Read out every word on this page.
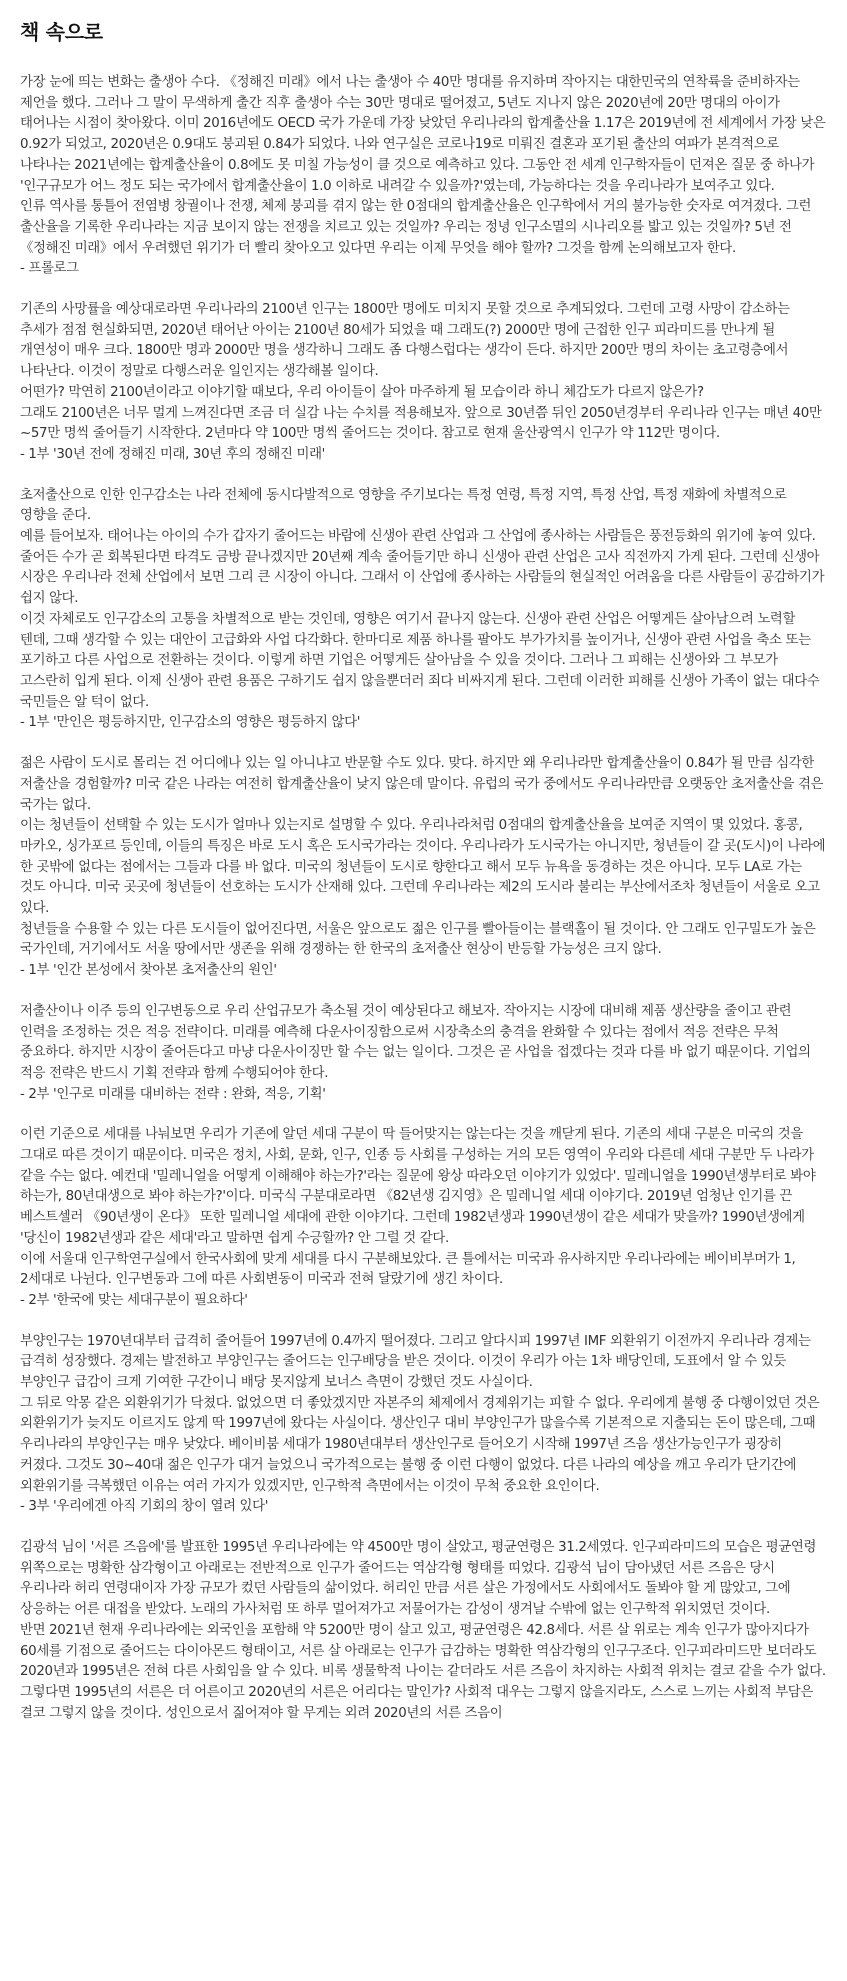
책 속으로

가장 눈에 띄는 변화는 출생아 수다. 《정해진 미래》에서 나는 출생아 수 40만 명대를 유지하며 작아지는 대한민국의 연착륙을 준비하자는 제언을 했다. 그러나 그 말이 무색하게 출간 직후 출생아 수는 30만 명대로 떨어졌고, 5년도 지나지 않은 2020년에 20만 명대의 아이가 태어나는 시점이 찾아왔다. 이미 2016년에도 OECD 국가 가운데 가장 낮았던 우리나라의 합계출산율 1.17은 2019년에 전 세계에서 가장 낮은 0.92가 되었고, 2020년은 0.9대도 붕괴된 0.84가 되었다. 나와 연구실은 코로나19로 미뤄진 결혼과 포기된 출산의 여파가 본격적으로 나타나는 2021년에는 합계출산율이 0.8에도 못 미칠 가능성이 클 것으로 예측하고 있다. 그동안 전 세계 인구학자들이 던져온 질문 중 하나가 '인구규모가 어느 정도 되는 국가에서 합계출산율이 1.0 이하로 내려갈 수 있을까?'였는데, 가능하다는 것을 우리나라가 보여주고 있다.

인류 역사를 통틀어 전염병 창궐이나 전쟁, 체제 붕괴를 겪지 않는 한 0점대의 합계출산율은 인구학에서 거의 불가능한 숫자로 여겨졌다. 그런 출산율을 기록한 우리나라는 지금 보이지 않는 전쟁을 치르고 있는 것일까? 우리는 정녕 인구소멸의 시나리오를 밟고 있는 것일까? 5년 전 《정해진 미래》에서 우려했던 위기가 더 빨리 찾아오고 있다면 우리는 이제 무엇을 해야 할까? 그것을 함께 논의해보고자 한다.

- 프롤로그

기존의 사망률을 예상대로라면 우리나라의 2100년 인구는 1800만 명에도 미치지 못할 것으로 추계되었다. 그런데 고령 사망이 감소하는 추세가 점점 현실화되면, 2020년 태어난 아이는 2100년 80세가 되었을 때 그래도(?) 2000만 명에 근접한 인구 피라미드를 만나게 될 개연성이 매우 크다. 1800만 명과 2000만 명을 생각하니 그래도 좀 다행스럽다는 생각이 든다. 하지만 200만 명의 차이는 초고령층에서 나타난다. 이것이 정말로 다행스러운 일인지는 생각해볼 일이다.

어떤가? 막연히 2100년이라고 이야기할 때보다, 우리 아이들이 살아 마주하게 될 모습이라 하니 체감도가 다르지 않은가?

그래도 2100년은 너무 멀게 느껴진다면 조금 더 실감 나는 수치를 적용해보자. 앞으로 30년쯤 뒤인 2050년경부터 우리나라 인구는 매년 40만~57만 명씩 줄어들기 시작한다. 2년마다 약 100만 명씩 줄어드는 것이다. 참고로 현재 울산광역시 인구가 약 112만 명이다.

- 1부 '30년 전에 정해진 미래, 30년 후의 정해진 미래'

초저출산으로 인한 인구감소는 나라 전체에 동시다발적으로 영향을 주기보다는 특정 연령, 특정 지역, 특정 산업, 특정 재화에 차별적으로 영향을 준다.

예를 들어보자. 태어나는 아이의 수가 갑자기 줄어드는 바람에 신생아 관련 산업과 그 산업에 종사하는 사람들은 풍전등화의 위기에 놓여 있다. 줄어든 수가 곧 회복된다면 타격도 금방 끝나겠지만 20년째 계속 줄어들기만 하니 신생아 관련 산업은 고사 직전까지 가게 된다. 그런데 신생아 시장은 우리나라 전체 산업에서 보면 그리 큰 시장이 아니다. 그래서 이 산업에 종사하는 사람들의 현실적인 어려움을 다른 사람들이 공감하기가 쉽지 않다.

이것 자체로도 인구감소의 고통을 차별적으로 받는 것인데, 영향은 여기서 끝나지 않는다. 신생아 관련 산업은 어떻게든 살아남으려 노력할 텐데, 그때 생각할 수 있는 대안이 고급화와 사업 다각화다. 한마디로 제품 하나를 팔아도 부가가치를 높이거나, 신생아 관련 사업을 축소 또는 포기하고 다른 사업으로 전환하는 것이다. 이렇게 하면 기업은 어떻게든 살아남을 수 있을 것이다. 그러나 그 피해는 신생아와 그 부모가 고스란히 입게 된다. 이제 신생아 관련 용품은 구하기도 쉽지 않을뿐더러 죄다 비싸지게 된다. 그런데 이러한 피해를 신생아 가족이 없는 대다수 국민들은 알 턱이 없다.

- 1부 '만인은 평등하지만, 인구감소의 영향은 평등하지 않다'

젊은 사람이 도시로 몰리는 건 어디에나 있는 일 아니냐고 반문할 수도 있다. 맞다. 하지만 왜 우리나라만 합계출산율이 0.84가 될 만큼 심각한 저출산을 경험할까? 미국 같은 나라는 여전히 합계출산율이 낮지 않은데 말이다. 유럽의 국가 중에서도 우리나라만큼 오랫동안 초저출산을 겪은 국가는 없다.

이는 청년들이 선택할 수 있는 도시가 얼마나 있는지로 설명할 수 있다. 우리나라처럼 0점대의 합계출산율을 보여준 지역이 몇 있었다. 홍콩, 마카오, 싱가포르 등인데, 이들의 특징은 바로 도시 혹은 도시국가라는 것이다. 우리나라가 도시국가는 아니지만, 청년들이 갈 곳(도시)이 나라에 한 곳밖에 없다는 점에서는 그들과 다를 바 없다. 미국의 청년들이 도시로 향한다고 해서 모두 뉴욕을 동경하는 것은 아니다. 모두 LA로 가는 것도 아니다. 미국 곳곳에 청년들이 선호하는 도시가 산재해 있다. 그런데 우리나라는 제2의 도시라 불리는 부산에서조차 청년들이 서울로 오고 있다.

청년들을 수용할 수 있는 다른 도시들이 없어진다면, 서울은 앞으로도 젊은 인구를 빨아들이는 블랙홀이 될 것이다. 안 그래도 인구밀도가 높은 국가인데, 거기에서도 서울 땅에서만 생존을 위해 경쟁하는 한 한국의 초저출산 현상이 반등할 가능성은 크지 않다.

- 1부 '인간 본성에서 찾아본 초저출산의 원인'

저출산이나 이주 등의 인구변동으로 우리 산업규모가 축소될 것이 예상된다고 해보자. 작아지는 시장에 대비해 제품 생산량을 줄이고 관련 인력을 조정하는 것은 적응 전략이다. 미래를 예측해 다운사이징함으로써 시장축소의 충격을 완화할 수 있다는 점에서 적응 전략은 무척 중요하다. 하지만 시장이 줄어든다고 마냥 다운사이징만 할 수는 없는 일이다. 그것은 곧 사업을 접겠다는 것과 다를 바 없기 때문이다. 기업의 적응 전략은 반드시 기획 전략과 함께 수행되어야 한다.

- 2부 '인구로 미래를 대비하는 전략 : 완화, 적응, 기획'

이런 기준으로 세대를 나눠보면 우리가 기존에 알던 세대 구분이 딱 들어맞지는 않는다는 것을 깨닫게 된다. 기존의 세대 구분은 미국의 것을 그대로 따른 것이기 때문이다. 미국은 정치, 사회, 문화, 인구, 인종 등 사회를 구성하는 거의 모든 영역이 우리와 다른데 세대 구분만 두 나라가 같을 수는 없다. 예컨대 '밀레니얼을 어떻게 이해해야 하는가?'라는 질문에 왕상 따라오던 이야기가 있었다'. 밀레니얼을 1990년생부터로 봐야 하는가, 80년대생으로 봐야 하는가?'이다. 미국식 구분대로라면 《82년생 김지영》은 밀레니얼 세대 이야기다. 2019년 엄청난 인기를 끈 베스트셀러 《90년생이 온다》 또한 밀레니얼 세대에 관한 이야기다. 그런데 1982년생과 1990년생이 같은 세대가 맞을까? 1990년생에게 '당신이 1982년생과 같은 세대'라고 말하면 쉽게 수긍할까? 안 그럴 것 같다.

이에 서울대 인구학연구실에서 한국사회에 맞게 세대를 다시 구분해보았다. 큰 틀에서는 미국과 유사하지만 우리나라에는 베이비부머가 1, 2세대로 나뉜다. 인구변동과 그에 따른 사회변동이 미국과 전혀 달랐기에 생긴 차이다.

- 2부 '한국에 맞는 세대구분이 필요하다'

부양인구는 1970년대부터 급격히 줄어들어 1997년에 0.4까지 떨어졌다. 그리고 알다시피 1997년 IMF 외환위기 이전까지 우리나라 경제는 급격히 성장했다. 경제는 발전하고 부양인구는 줄어드는 인구배당을 받은 것이다. 이것이 우리가 아는 1차 배당인데, 도표에서 알 수 있듯 부양인구 급감이 크게 기여한 구간이니 배당 못지않게 보너스 측면이 강했던 것도 사실이다.

그 뒤로 악몽 같은 외환위기가 닥쳤다. 없었으면 더 좋았겠지만 자본주의 체제에서 경제위기는 피할 수 없다. 우리에게 불행 중 다행이었던 것은 외환위기가 늦지도 이르지도 않게 딱 1997년에 왔다는 사실이다. 생산인구 대비 부양인구가 많을수록 기본적으로 지출되는 돈이 많은데, 그때 우리나라의 부양인구는 매우 낮았다. 베이비붐 세대가 1980년대부터 생산인구로 들어오기 시작해 1997년 즈음 생산가능인구가 굉장히 커졌다. 그것도 30~40대 젊은 인구가 대거 늘었으니 국가적으로는 불행 중 이런 다행이 없었다. 다른 나라의 예상을 깨고 우리가 단기간에 외환위기를 극복했던 이유는 여러 가지가 있겠지만, 인구학적 측면에서는 이것이 무척 중요한 요인이다.

- 3부 '우리에겐 아직 기회의 창이 열려 있다'

김광석 님이 '서른 즈음에'를 발표한 1995년 우리나라에는 약 4500만 명이 살았고, 평균연령은 31.2세였다. 인구피라미드의 모습은 평균연령 위쪽으로는 명확한 삼각형이고 아래로는 전반적으로 인구가 줄어드는 역삼각형 형태를 띠었다. 김광석 님이 담아냈던 서른 즈음은 당시 우리나라 허리 연령대이자 가장 규모가 컸던 사람들의 삶이었다. 허리인 만큼 서른 살은 가정에서도 사회에서도 돌봐야 할 게 많았고, 그에 상응하는 어른 대접을 받았다. 노래의 가사처럼 또 하루 멀어져가고 저물어가는 감성이 생겨날 수밖에 없는 인구학적 위치였던 것이다.

반면 2021년 현재 우리나라에는 외국인을 포함해 약 5200만 명이 살고 있고, 평균연령은 42.8세다. 서른 살 위로는 계속 인구가 많아지다가 60세를 기점으로 줄어드는 다이아몬드 형태이고, 서른 살 아래로는 인구가 급감하는 명확한 역삼각형의 인구구조다. 인구피라미드만 보더라도 2020년과 1995년은 전혀 다른 사회임을 알 수 있다. 비록 생물학적 나이는 같더라도 서른 즈음이 차지하는 사회적 위치는 결코 같을 수가 없다.

그렇다면 1995년의 서른은 더 어른이고 2020년의 서른은 어리다는 말인가? 사회적 대우는 그렇지 않을지라도, 스스로 느끼는 사회적 부담은 결코 그렇지 않을 것이다. 성인으로서 짊어져야 할 무게는 외려 2020년의 서른 즈음이
